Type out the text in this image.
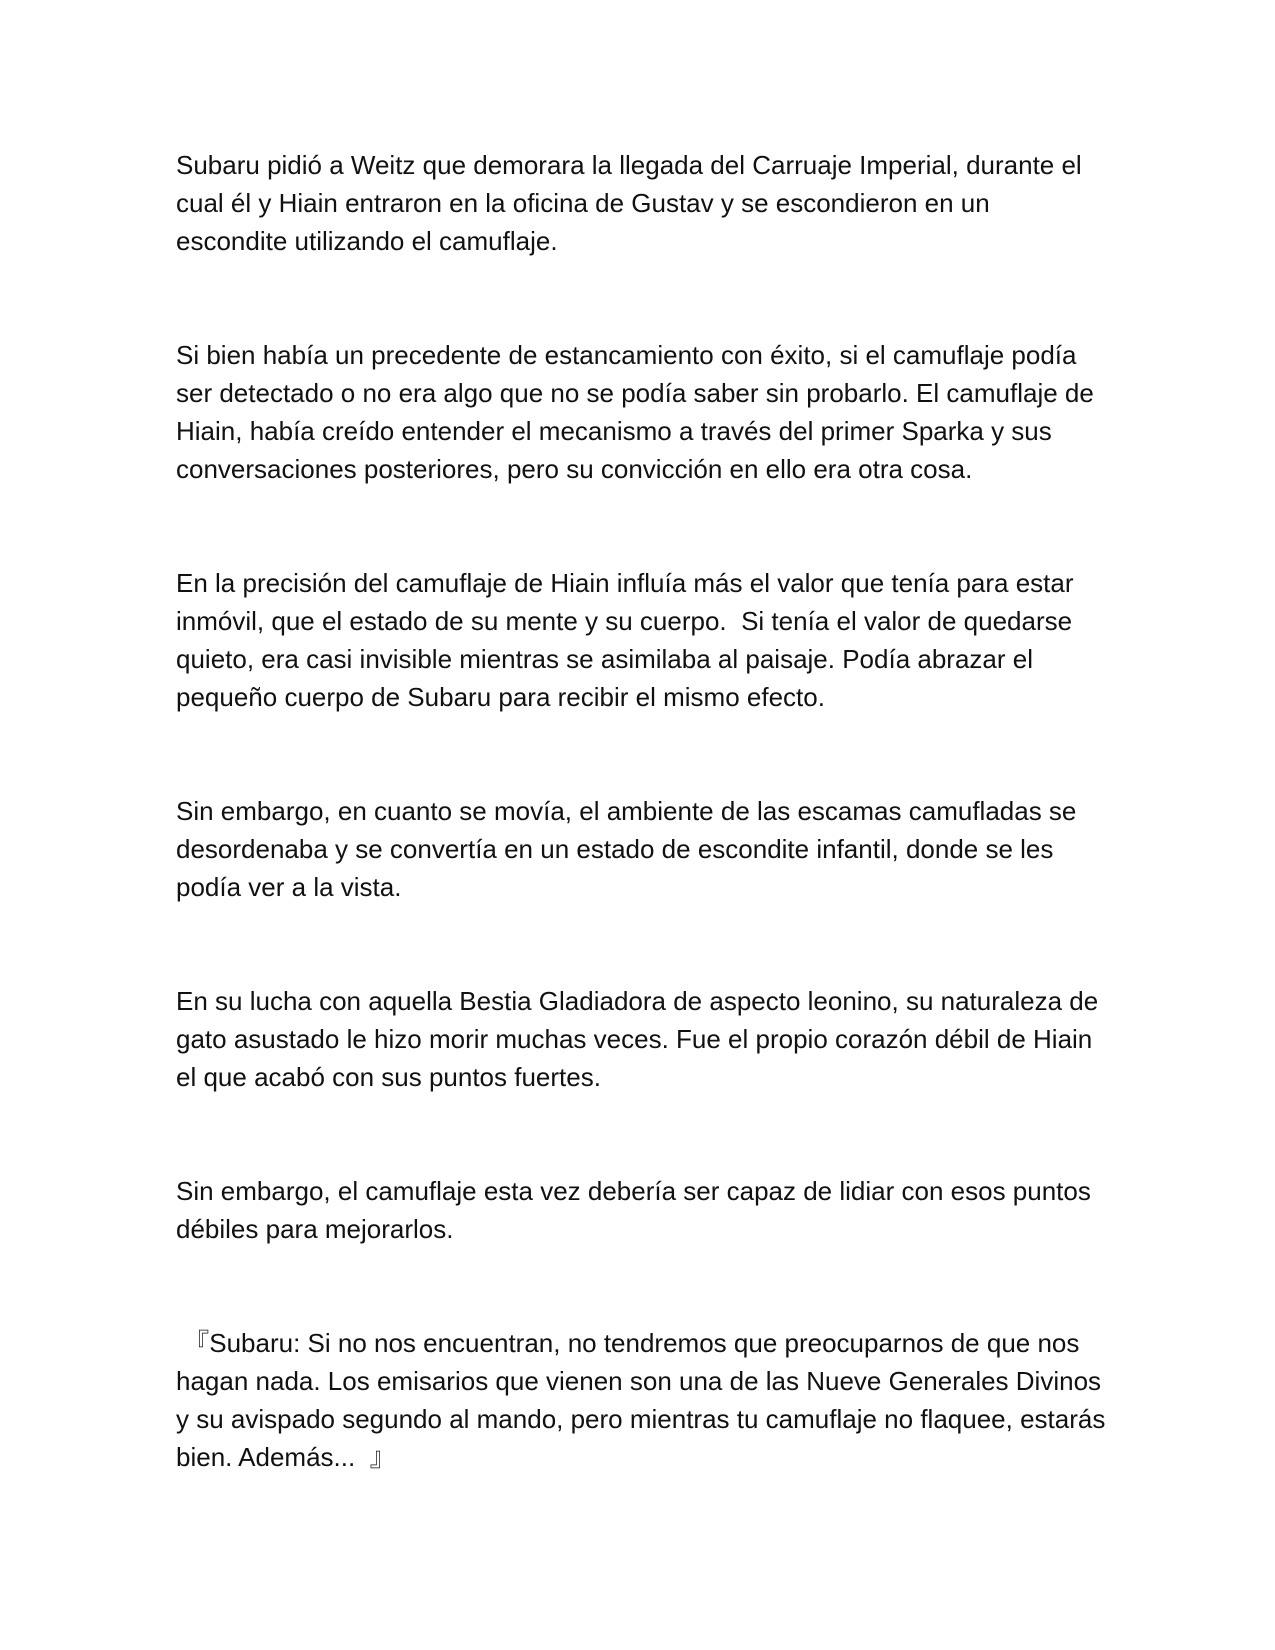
Subaru pidió a Weitz que demorara la llegada del Carruaje Imperial, durante el cual él y Hiain entraron en la oficina de Gustav y se escondieron en un escondite utilizando el camuflaje.

Si bien había un precedente de estancamiento con éxito, si el camuflaje podía ser detectado o no era algo que no se podía saber sin probarlo. El camuflaje de Hiain, había creído entender el mecanismo a través del primer Sparka y sus conversaciones posteriores, pero su convicción en ello era otra cosa.

En la precisión del camuflaje de Hiain influía más el valor que tenía para estar inmóvil, que el estado de su mente y su cuerpo.  Si tenía el valor de quedarse quieto, era casi invisible mientras se asimilaba al paisaje. Podía abrazar el pequeño cuerpo de Subaru para recibir el mismo efecto.

Sin embargo, en cuanto se movía, el ambiente de las escamas camufladas se desordenaba y se convertía en un estado de escondite infantil, donde se les podía ver a la vista.

En su lucha con aquella Bestia Gladiadora de aspecto leonino, su naturaleza de gato asustado le hizo morir muchas veces. Fue el propio corazón débil de Hiain el que acabó con sus puntos fuertes.

Sin embargo, el camuflaje esta vez debería ser capaz de lidiar con esos puntos débiles para mejorarlos.

『Subaru: Si no nos encuentran, no tendremos que preocuparnos de que nos hagan nada. Los emisarios que vienen son una de las Nueve Generales Divinos y su avispado segundo al mando, pero mientras tu camuflaje no flaquee, estarás bien. Además...  』
